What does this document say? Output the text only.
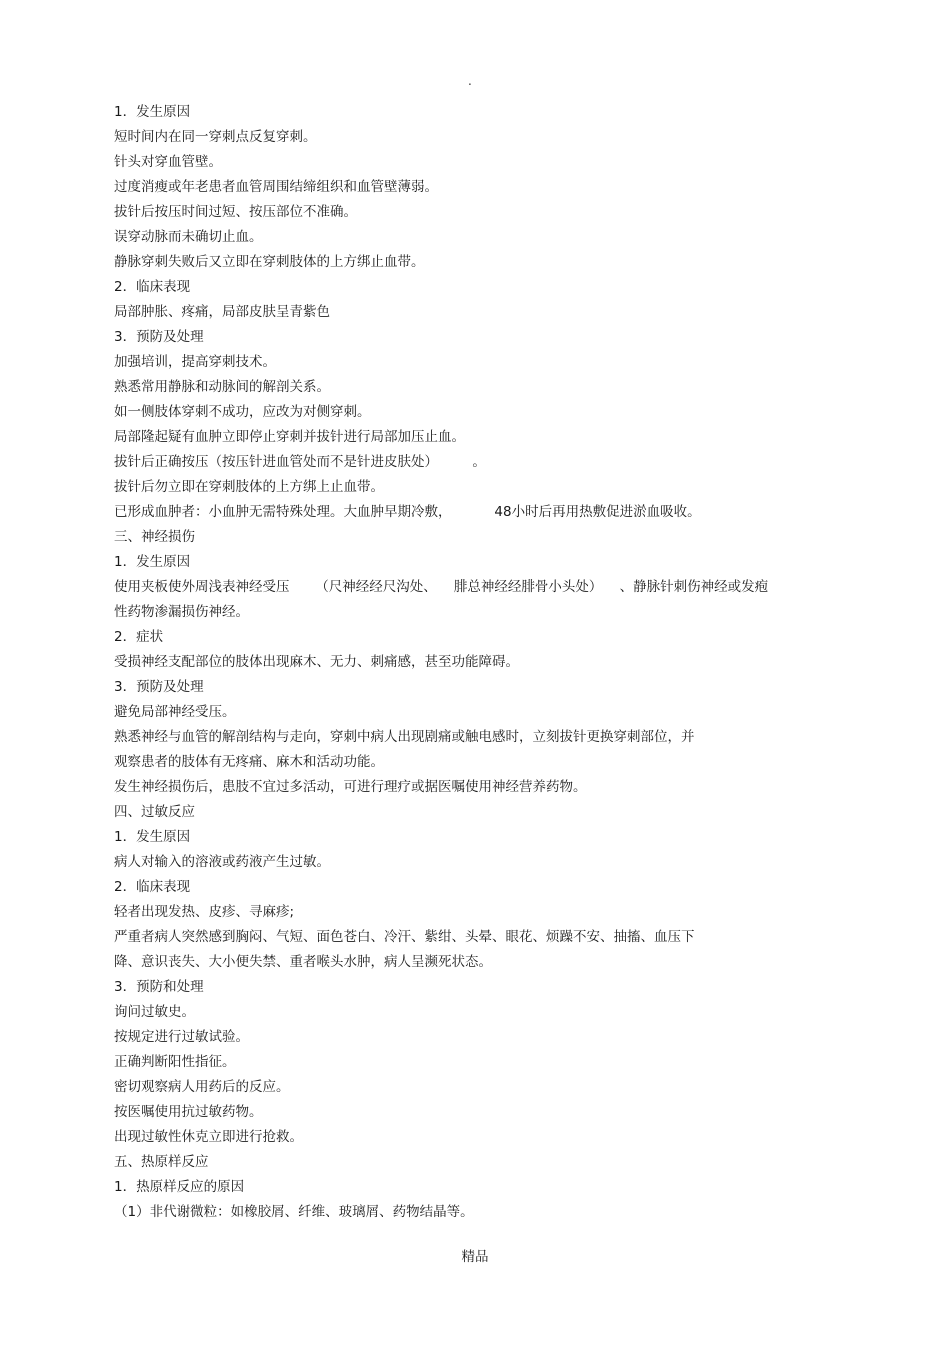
.
1．发生原因
短时间内在同一穿刺点反复穿刺。
针头对穿血管壁。
过度消瘦或年老患者血管周围结缔组织和血管壁薄弱。
拔针后按压时间过短、按压部位不准确。
误穿动脉而未确切止血。
静脉穿刺失败后又立即在穿刺肢体的上方绑止血带。
2．临床表现
局部肿胀、疼痛，局部皮肤呈青紫色
3．预防及处理
加强培训，提高穿刺技术。
熟悉常用静脉和动脉间的解剖关系。
如一侧肢体穿刺不成功，应改为对侧穿刺。
局部隆起疑有血肿立即停止穿刺并拔针进行局部加压止血。
拔针后正确按压（按压针进血管处而不是针进皮肤处）        。
拔针后勿立即在穿刺肢体的上方绑上止血带。
已形成血肿者：小血肿无需特殊处理。大血肿早期冷敷，          48小时后再用热敷促进淤血吸收。
三、神经损伤
1．发生原因
使用夹板使外周浅表神经受压      （尺神经经尺沟处、    腓总神经经腓骨小头处）    、静脉针刺伤神经或发疱
性药物渗漏损伤神经。
2．症状
受损神经支配部位的肢体出现麻木、无力、刺痛感，甚至功能障碍。
3．预防及处理
避免局部神经受压。
熟悉神经与血管的解剖结构与走向，穿刺中病人出现剧痛或触电感时，立刻拔针更换穿刺部位，并
观察患者的肢体有无疼痛、麻木和活动功能。
发生神经损伤后，患肢不宜过多活动，可进行理疗或据医嘱使用神经营养药物。
四、过敏反应
1．发生原因
病人对输入的溶液或药液产生过敏。
2．临床表现
轻者出现发热、皮疹、寻麻疹;
严重者病人突然感到胸闷、气短、面色苍白、冷汗、紫绀、头晕、眼花、烦躁不安、抽搐、血压下
降、意识丧失、大小便失禁、重者喉头水肿，病人呈濒死状态。
3．预防和处理
询问过敏史。
按规定进行过敏试验。
正确判断阳性指征。
密切观察病人用药后的反应。
按医嘱使用抗过敏药物。
出现过敏性休克立即进行抢救。
五、热原样反应
1．热原样反应的原因
（1）非代谢微粒：如橡胶屑、纤维、玻璃屑、药物结晶等。
精品
